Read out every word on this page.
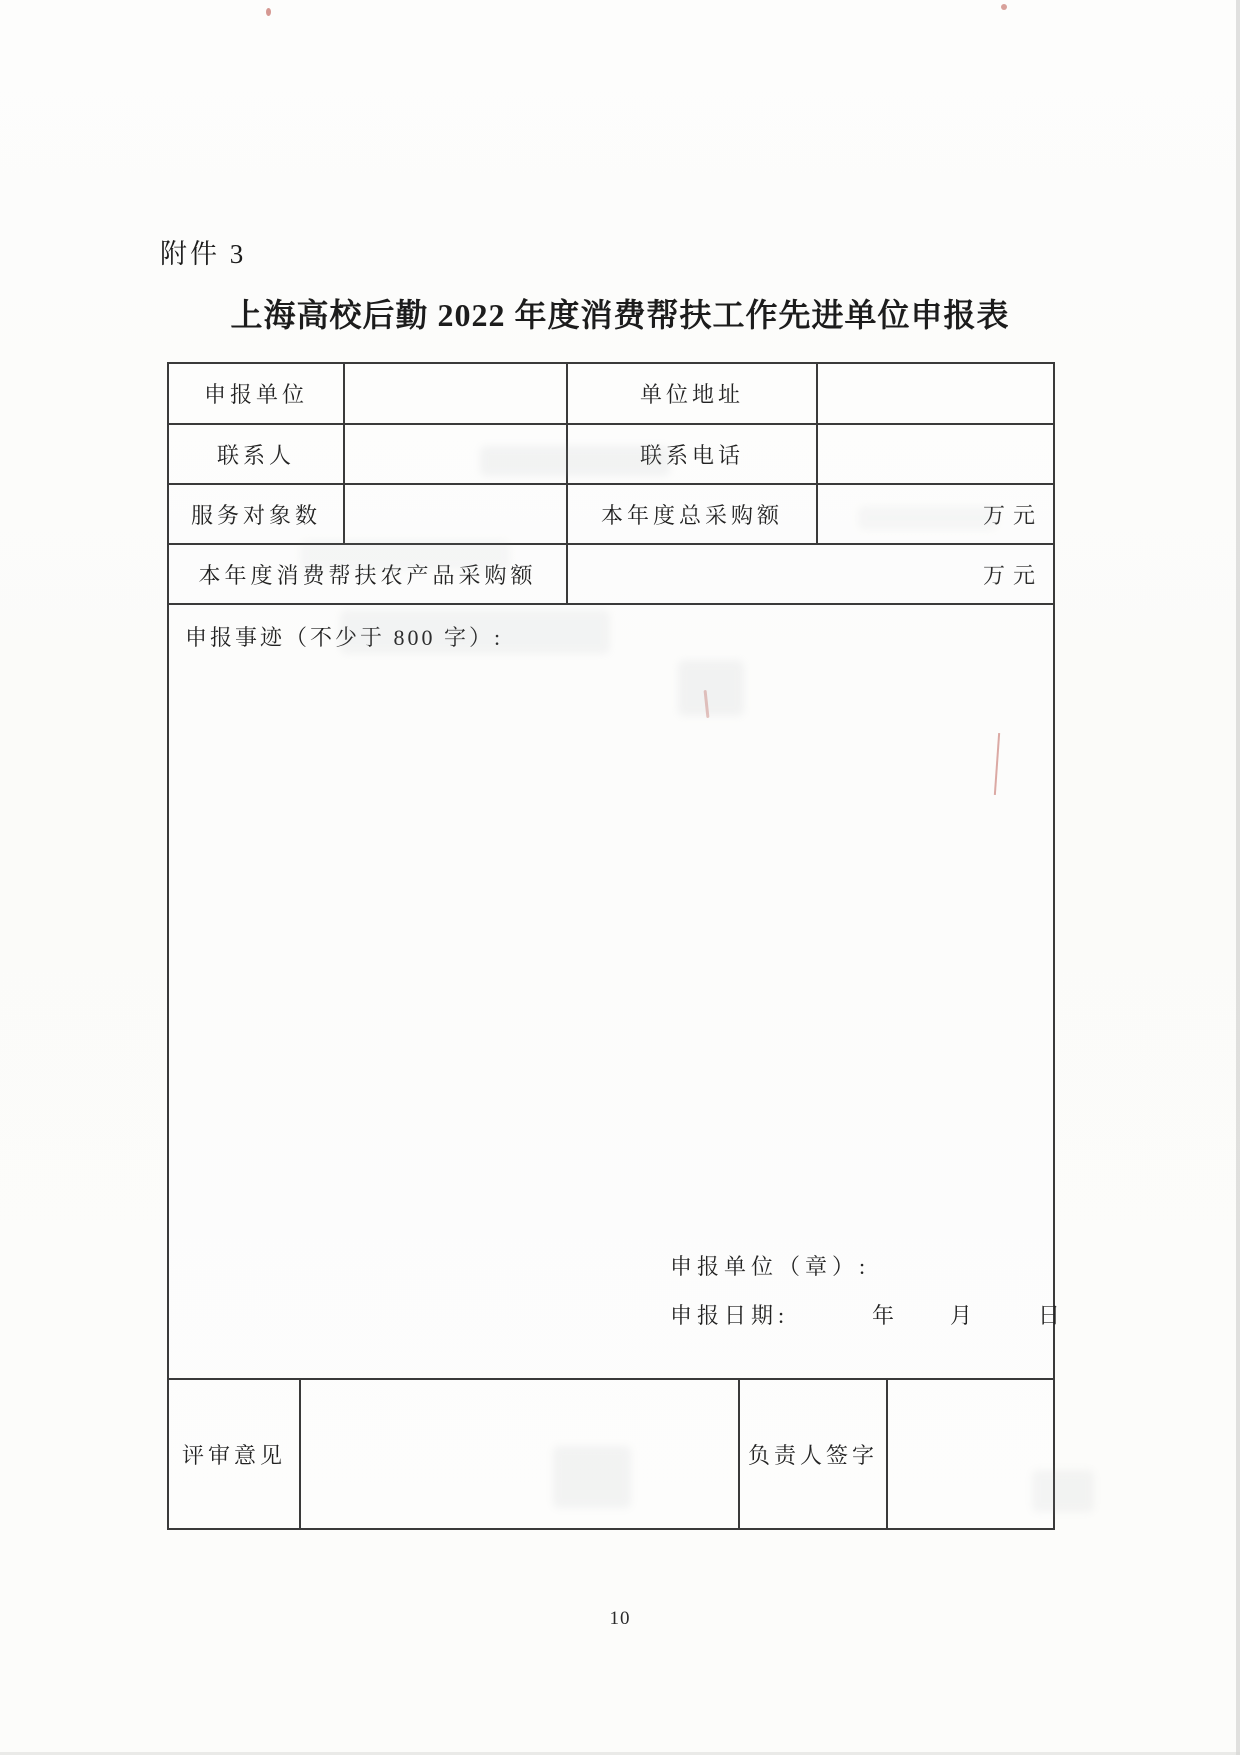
附件 3
上海高校后勤 2022 年度消费帮扶工作先进单位申报表
申报单位	单位地址
联系人	联系电话
服务对象数	本年度总采购额	万元
本年度消费帮扶农产品采购额	万元
申报事迹（不少于 800 字）:
申报单位（章）:
申报日期:	年	月	日
评审意见	负责人签字
10
